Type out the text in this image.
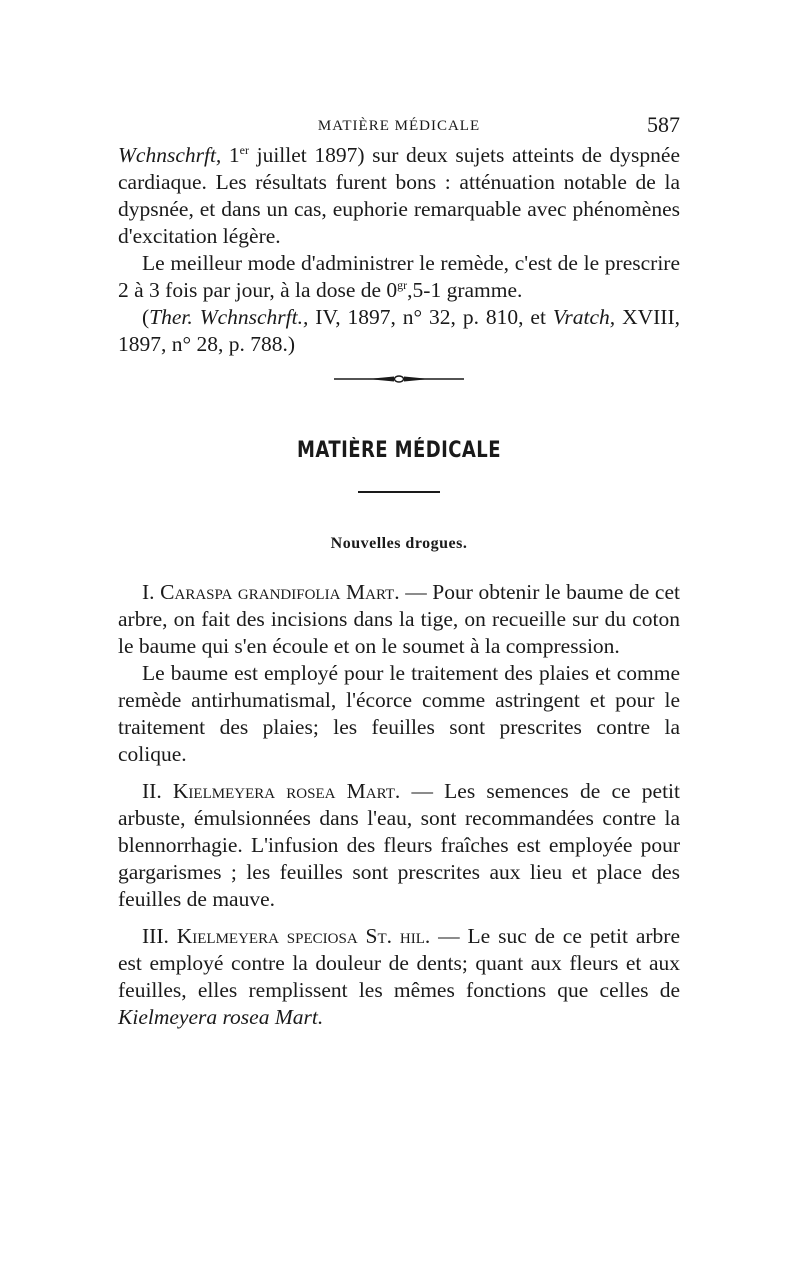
MATIÈRE MÉDICALE	587

Wchnschrft, 1er juillet 1897) sur deux sujets atteints de dyspnée cardiaque. Les résultats furent bons : atténuation notable de la dypsnée, et dans un cas, euphorie remarquable avec phénomènes d'excitation légère.

Le meilleur mode d'administrer le remède, c'est de le prescrire 2 à 3 fois par jour, à la dose de $0^{gr},5-1$ gramme.

(Ther. Wchnschrft., IV, 1897, n° 32, p. 810, et Vratch, XVIII, 1897, n° 28, p. 788.)

MATIÈRE MÉDICALE
Nouvelles drogues.

I. Caraspa grandifolia Mart. — Pour obtenir le baume de cet arbre, on fait des incisions dans la tige, on recueille sur du coton le baume qui s'en écoule et on le soumet à la compression.

Le baume est employé pour le traitement des plaies et comme remède antirhumatismal, l'écorce comme astringent et pour le traitement des plaies; les feuilles sont prescrites contre la colique.

II. Kielmeyera rosea Mart. — Les semences de ce petit arbuste, émulsionnées dans l'eau, sont recommandées contre la blennorrhagie. L'infusion des fleurs fraîches est employée pour gargarismes ; les feuilles sont prescrites aux lieu et place des feuilles de mauve.

III. Kielmeyera speciosa St. hil. — Le suc de ce petit arbre est employé contre la douleur de dents; quant aux fleurs et aux feuilles, elles remplissent les mêmes fonctions que celles de Kielmeyera rosea Mart.
